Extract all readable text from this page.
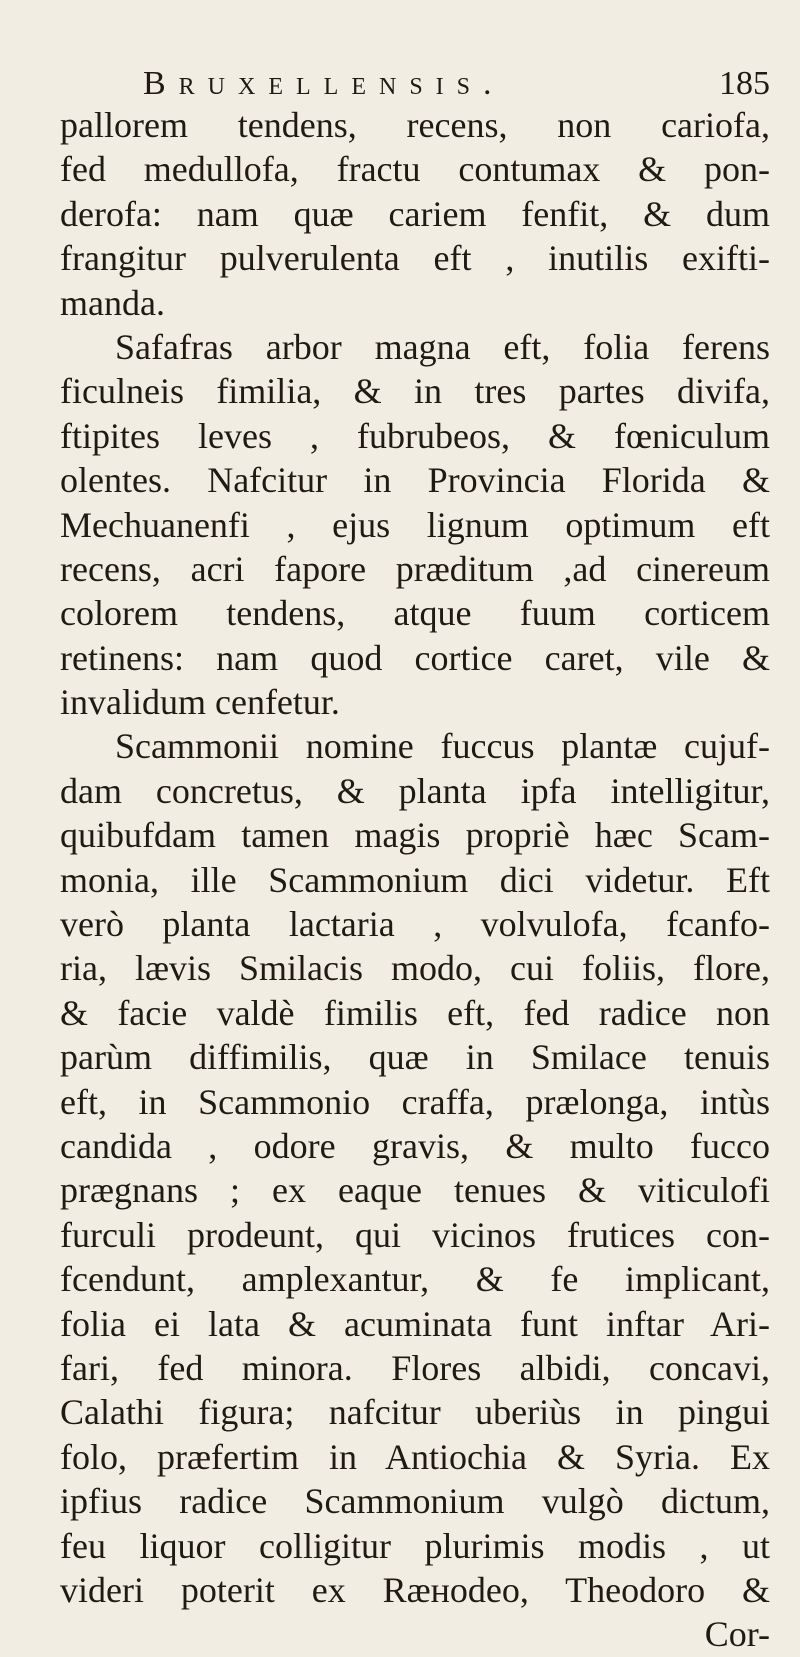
Bruxellensis.	185
pallorem tendens, recens, non cariofa,
fed medullofa, fractu contumax & pon-
derofa: nam quæ cariem fenfit, & dum
frangitur pulverulenta eft , inutilis exifti-
manda.
Safafras arbor magna eft, folia ferens
ficulneis fimilia, & in tres partes divifa,
ftipites leves , fubrubeos, & fœniculum
olentes. Nafcitur in Provincia Florida &
Mechuanenfi , ejus lignum optimum eft
recens, acri fapore præditum ,ad cinereum
colorem tendens, atque fuum corticem
retinens: nam quod cortice caret, vile &
invalidum cenfetur.
Scammonii nomine fuccus plantæ cujuf-
dam concretus, & planta ipfa intelligitur,
quibufdam tamen magis propriè hæc Scam-
monia, ille Scammonium dici videtur. Eft
verò planta lactaria , volvulofa, fcanfo-
ria, lævis Smilacis modo, cui foliis, flore,
& facie valdè fimilis eft, fed radice non
parùm diffimilis, quæ in Smilace tenuis
eft, in Scammonio craffa, prælonga, intùs
candida , odore gravis, & multo fucco
prægnans ; ex eaque tenues & viticulofi
furculi prodeunt, qui vicinos frutices con-
fcendunt, amplexantur, & fe implicant,
folia ei lata & acuminata funt inftar Ari-
fari, fed minora. Flores albidi, concavi,
Calathi figura; nafcitur uberiùs in pingui
folo, præfertim in Antiochia & Syria. Ex
ipfius radice Scammonium vulgò dictum,
feu liquor colligitur plurimis modis , ut
videri poterit ex Ræнodeo, Theodoro &
Cor-
